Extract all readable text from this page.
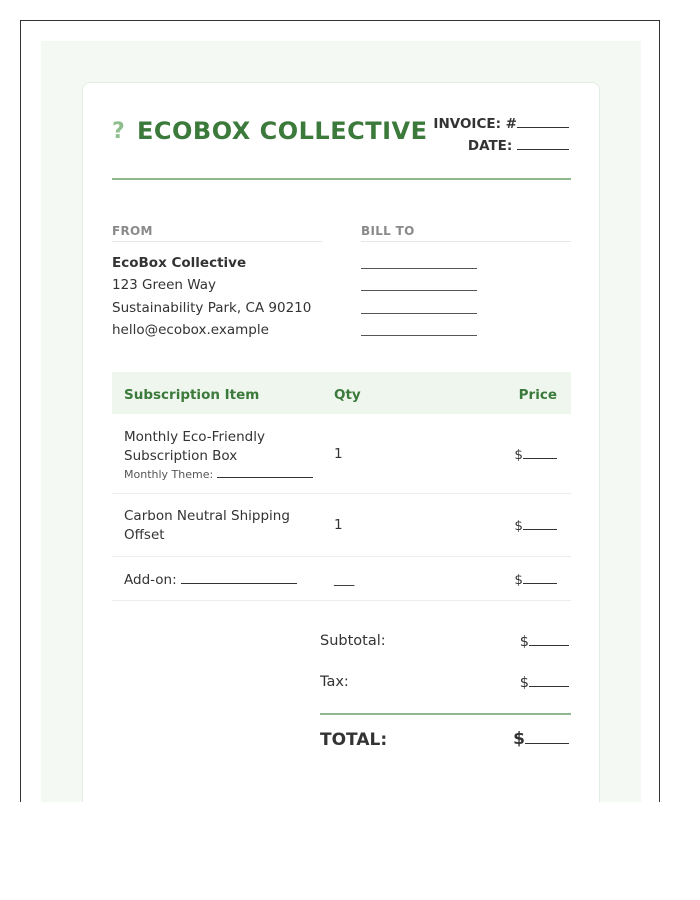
? ECOBOX COLLECTIVE INVOICE: #
DATE:
FROM
EcoBox Collective
123 Green Way
Sustainability Park, CA 90210
hello@ecobox.example
BILL TO
Subscription Item	Qty	Price
Monthly Eco-Friendly
Subscription Box
Monthly Theme:
1	$
Carbon Neutral Shipping
Offset
1	$
Add-on:	___	$
Subtotal:	$
Tax:	$
TOTAL:	$
